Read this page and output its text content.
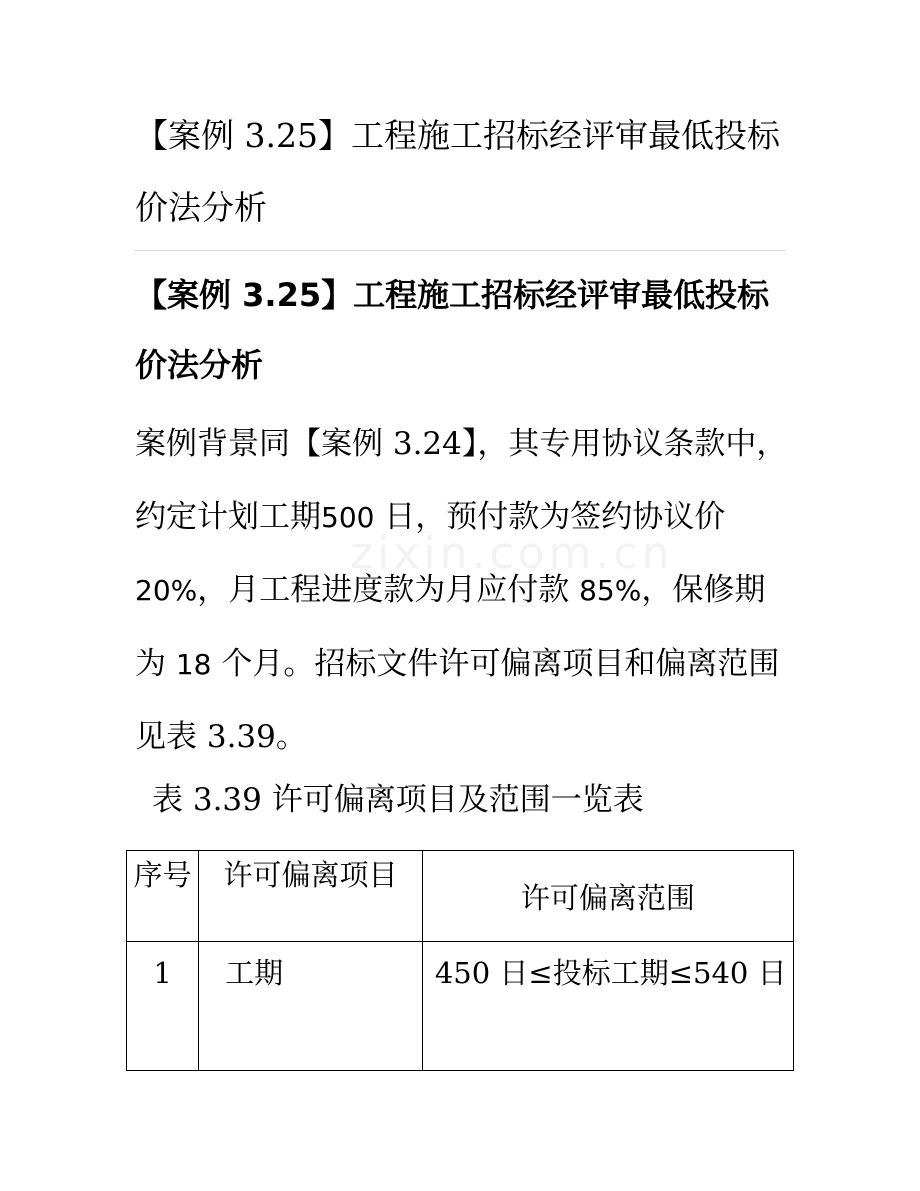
【案例 3.25】工程施工招标经评审最低投标价法分析
【案例 3.25】工程施工招标经评审最低投标价法分析
zixin.com.cn

案例背景同【案例 3.24】，其专用协议条款中，约定计划工期500 日，预付款为签约协议价 20%，月工程进度款为月应付款 85%，保修期为 18 个月。招标文件许可偏离项目和偏离范围见表 3.39。

表 3.39 许可偏离项目及范围一览表

序号	许可偏离项目	许可偏离范围
1	工期	450 日≤投标工期≤540 日
